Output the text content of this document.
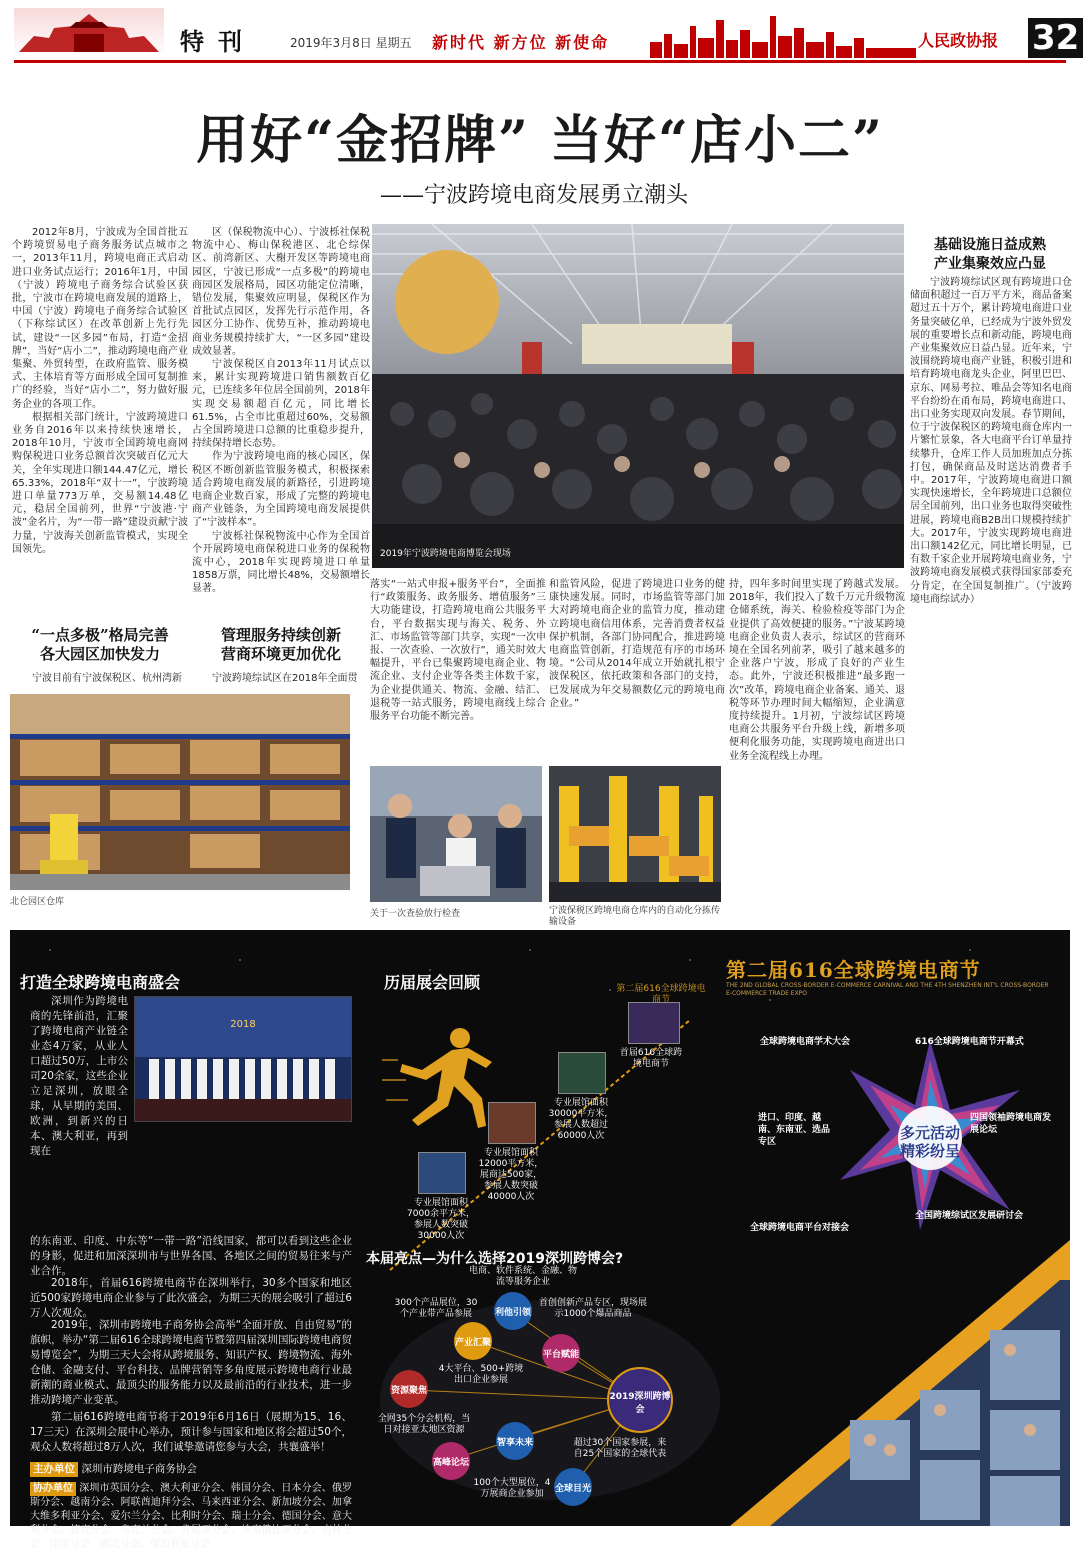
特刊	2019年3月8日 星期五 新时代 新方位 新使命	人民政协报 32
用好“金招牌” 当好“店小二”
——宁波跨境电商发展勇立潮头
2012年8月，宁波成为全国首批五个跨境贸易电子商务服务试点城市之一，2013年11月，跨境电商正式启动进口业务试点运行；2016年1月，中国（宁波）跨境电子商务综合试验区获批，宁波市在跨境电商发展的道路上，中国（宁波）跨境电子商务综合试验区（下称综试区）在改革创新上先行先试，建设“一区多园”布局，打造“金招牌”，当好“店小二”，推动跨境电商产业集聚、外贸转型，在政府监管、服务模式、主体培育等方面形成全国可复制推广的经验，当好“店小二”，努力做好服务企业的各项工作。
根据相关部门统计，宁波跨境进口业务自2016年以来持续快速增长，2018年10月，宁波市全国跨境电商网购保税进口业务总额首次突破百亿元大关，全年实现进口额144.47亿元，增长65.33%，2018年“双十一”，宁波跨境进口单量773万单，交易额14.48亿元，稳居全国前列，世界“宁波港·宁波”金名片，为“一带一路”建设贡献宁波力量，宁波海关创新监管模式，实现全国领先。
“一点多极”格局完善
各大园区加快发力
宁波目前有宁波保税区、杭州湾新
区（保税物流中心）、宁波栎社保税物流中心、梅山保税港区、北仑综保区、前湾新区、大榭开发区等跨境电商园区，宁波已形成“一点多极”的跨境电商园区发展格局，园区功能定位清晰，错位发展，集聚效应明显，保税区作为首批试点园区，发挥先行示范作用，各园区分工协作、优势互补，推动跨境电商业务规模持续扩大，“一区多园”建设成效显著。
宁波保税区自2013年11月试点以来，累计实现跨境进口销售额数百亿元，已连续多年位居全国前列，2018年实现交易额超百亿元，同比增长61.5%，占全市比重超过60%，交易额占全国跨境进口总额的比重稳步提升，持续保持增长态势。
作为宁波跨境电商的核心园区，保税区不断创新监管服务模式，积极探索适合跨境电商发展的新路径，引进跨境电商企业数百家，形成了完整的跨境电商产业链条，为全国跨境电商发展提供了“宁波样本”。
宁波栎社保税物流中心作为全国首个开展跨境电商保税进口业务的保税物流中心，2018年实现跨境进口单量1858万票，同比增长48%，交易额增长显著。
管理服务持续创新
营商环境更加优化
宁波跨境综试区在2018年全面贯
2019年宁波跨境电商博览会现场
北仑园区仓库
落实“一站式申报+服务平台”，全面推行“政策服务、政务服务、增值服务”三大功能建设，打造跨境电商公共服务平台，平台数据实现与海关、税务、外汇、市场监管等部门共享，实现“一次申报、一次查验、一次放行”，通关时效大幅提升，平台已集聚跨境电商企业、物流企业、支付企业等各类主体数千家，为企业提供通关、物流、金融、结汇、退税等一站式服务，跨境电商线上综合服务平台功能不断完善。
和监管风险，促进了跨境进口业务的健康快速发展。同时，市场监管等部门加大对跨境电商企业的监管力度，推动建立跨境电商信用体系，完善消费者权益保护机制，各部门协同配合，推进跨境电商监管创新，打造规范有序的市场环境。“公司从2014年成立开始就扎根宁波保税区，依托政策和各部门的支持，已发展成为年交易额数亿元的跨境电商企业。”
持，四年多时间里实现了跨越式发展。2018年，我们投入了数千万元升级物流仓储系统，海关、检验检疫等部门为企业提供了高效便捷的服务。”宁波某跨境电商企业负责人表示，综试区的营商环境在全国名列前茅，吸引了越来越多的企业落户宁波，形成了良好的产业生态。此外，宁波还积极推进“最多跑一次”改革，跨境电商企业备案、通关、退税等环节办理时间大幅缩短，企业满意度持续提升。1月初，宁波综试区跨境电商公共服务平台升级上线，新增多项便利化服务功能，实现跨境电商进出口业务全流程线上办理。
关于一次查验放行检查	宁波保税区跨境电商仓库内的自动化分拣传输设备
基础设施日益成熟
产业集聚效应凸显
宁波跨境综试区现有跨境进口仓储面积超过一百万平方米，商品备案超过五十万个，累计跨境电商进口业务量突破亿单，已经成为宁波外贸发展的重要增长点和新动能，跨境电商产业集聚效应日益凸显。近年来，宁波围绕跨境电商产业链，积极引进和培育跨境电商龙头企业，阿里巴巴、京东、网易考拉、唯品会等知名电商平台纷纷在甬布局，跨境电商进口、出口业务实现双向发展。春节期间，位于宁波保税区的跨境电商仓库内一片繁忙景象，各大电商平台订单量持续攀升，仓库工作人员加班加点分拣打包，确保商品及时送达消费者手中。2017年，宁波跨境电商进口额实现快速增长，全年跨境进口总额位居全国前列，出口业务也取得突破性进展，跨境电商B2B出口规模持续扩大。2017年，宁波实现跨境电商进出口额142亿元，同比增长明显，已有数千家企业开展跨境电商业务，宁波跨境电商发展模式获得国家部委充分肯定，在全国复制推广。（宁波跨境电商综试办）
打造全球跨境电商盛会
深圳作为跨境电商的先锋前沿，汇聚了跨境电商产业链全业态4万家，从业人口超过50万，上市公司20余家，这些企业立足深圳，放眼全球，从早期的美国、欧洲，到新兴的日本、澳大利亚，再到现在
2018
的东南亚、印度、中东等“一带一路”沿线国家，都可以看到这些企业的身影，促进和加深深圳市与世界各国、各地区之间的贸易往来与产业合作。
2018年，首届616跨境电商节在深圳举行，30多个国家和地区近500家跨境电商企业参与了此次盛会，为期三天的展会吸引了超过6万人次观众。
2019年，深圳市跨境电子商务协会高举“全面开放、自由贸易”的旗帜，举办“第二届616全球跨境电商节暨第四届深圳国际跨境电商贸易博览会”，为期三天大会将从跨境服务、知识产权、跨境物流、海外仓储、金融支付、平台科技、品牌营销等多角度展示跨境电商行业最新潮的商业模式、最顶尖的服务能力以及最前沿的行业技术，进一步推动跨境产业变革。
第二届616跨境电商节将于2019年6月16日（展期为15、16、17三天）在深圳会展中心举办，预计参与国家和地区将会超过50个，观众人数将超过8万人次，我们诚挚邀请您参与大会，共襄盛举！
主办单位 深圳市跨境电子商务协会
协办单位 深圳市英国分会、澳大利亚分会、韩国分会、日本分会、俄罗斯分会、越南分会、阿联酋迪拜分会、马来西亚分会、新加坡分会、加拿大维多利亚分会、爱尔兰分会、比利时分会、瑞士分会、德国分会、意大利分会、捷克分会、乌克兰分会、肯尼亚分会、埃塞俄比亚分会、吉林分会、印度分会、湖北分会、保加利亚分会
历届展会回顾
专业展馆面积7000余平方米，参展人数突破30000人次
专业展馆面积12000平方米，展商达500家，参展人数突破40000人次
专业展馆面积30000平方米，参展人数超过60000人次
首届616全球跨境电商节
第二届616全球跨境电商节
第二届616全球跨境电商节
THE 2ND GLOBAL CROSS-BORDER E-COMMERCE CARNIVAL AND THE 4TH SHENZHEN INT'L CROSS-BORDER E-COMMERCE TRADE EXPO
多元活动
精彩纷呈
全球跨境电商学术大会	616全球跨境电商节开幕式
进口、印度、越南、东南亚、选品专区
四国领袖跨境电商发展论坛
全球跨境电商平台对接会
全国跨境综试区发展研讨会
本届亮点—为什么选择2019深圳跨博会?
2019深圳跨博会
利他引领
产业汇聚
资源聚焦
平台赋能
高峰论坛
智享未来
全球目光
电商、软件系统、金融、物流等服务企业
300个产品展位，30个产业带产品参展
首创创新产品专区，现场展示1000个爆品商品
4大平台、500+跨境出口企业参展
全网35个分会机构，当日对接亚太地区资源
100个大型展位，4万展商企业参加
超过30个国家参展，来自25个国家的全球代表
